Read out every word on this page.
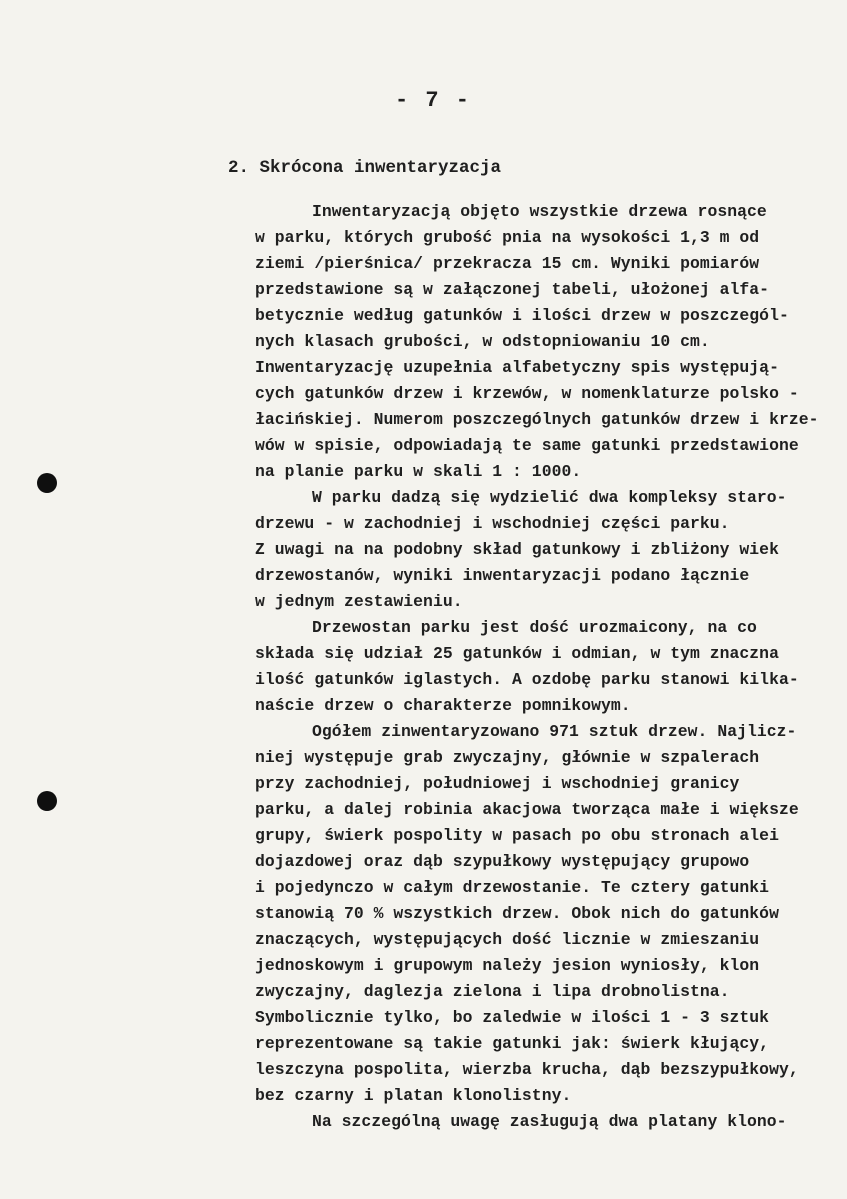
- 7 -
2. Skrócona inwentaryzacja
Inwentaryzacją objęto wszystkie drzewa rosnące
w parku, których grubość pnia na wysokości 1,3 m od
ziemi /pierśnica/ przekracza 15 cm. Wyniki pomiarów
przedstawione są w załączonej tabeli, ułożonej alfa-
betycznie według gatunków i ilości drzew w poszczegól-
nych klasach grubości, w odstopniowaniu 10 cm.
Inwentaryzację uzupełnia alfabetyczny spis występują-
cych gatunków drzew i krzewów, w nomenklaturze polsko -
łacińskiej. Numerom poszczególnych gatunków drzew i krze-
wów w spisie, odpowiadają te same gatunki przedstawione
na planie parku w skali 1 : 1000.
W parku dadzą się wydzielić dwa kompleksy staro-
drzewu - w zachodniej i wschodniej części parku.
Z uwagi na na podobny skład gatunkowy i zbliżony wiek
drzewostanów, wyniki inwentaryzacji podano łącznie
w jednym zestawieniu.
Drzewostan parku jest dość urozmaicony, na co
składa się udział 25 gatunków i odmian, w tym znaczna
ilość gatunków iglastych. A ozdobę parku stanowi kilka-
naście drzew o charakterze pomnikowym.
Ogółem zinwentaryzowano 971 sztuk drzew. Najlicz-
niej występuje grab zwyczajny, głównie w szpalerach
przy zachodniej, południowej i wschodniej granicy
parku, a dalej robinia akacjowa tworząca małe i większe
grupy, świerk pospolity w pasach po obu stronach alei
dojazdowej oraz dąb szypułkowy występujący grupowo
i pojedynczo w całym drzewostanie. Te cztery gatunki
stanowią 70 % wszystkich drzew. Obok nich do gatunków
znaczących, występujących dość licznie w zmieszaniu
jednoskowym i grupowym należy jesion wyniosły, klon
zwyczajny, daglezja zielona i lipa drobnolistna.
Symbolicznie tylko, bo zaledwie w ilości 1 - 3 sztuk
reprezentowane są takie gatunki jak: świerk kłujący,
leszczyna pospolita, wierzba krucha, dąb bezszypułkowy,
bez czarny i platan klonolistny.
Na szczególną uwagę zasługują dwa platany klono-
